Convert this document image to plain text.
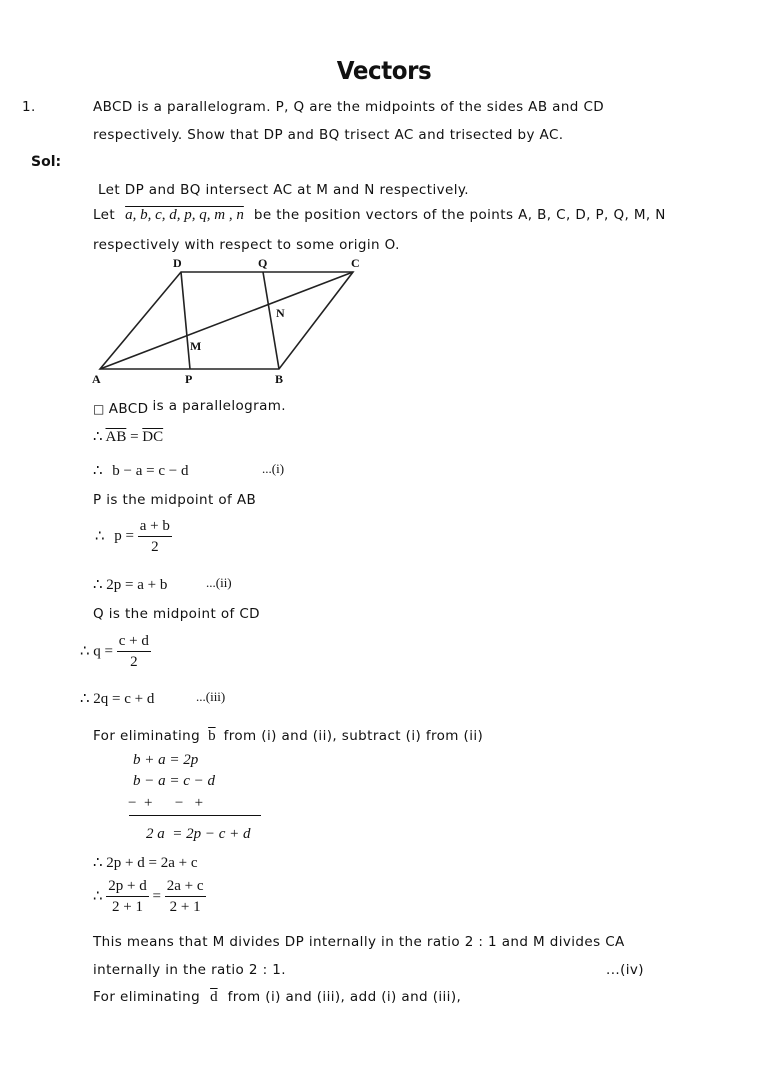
Vectors
1.	ABCD is a parallelogram. P, Q are the midpoints of the sides AB and CD
respectively. Show that DP and BQ trisect AC and trisected by AC.
Sol:
Let DP and BQ intersect AC at M and N respectively.
Let a, b, c, d, p, q, m , n be the position vectors of the points A, B, C, D, P, Q, M, N
respectively with respect to some origin O.
A	P	B
D	Q	C
M
N
□ ABCD is a parallelogram.
∴ $\overline{AB} = \overline{DC}$
∴ b − a = c − d	...(i)
P is the midpoint of AB
∴ $p = \frac{a + b}{2}$
∴ 2p = a + b	...(ii)
Q is the midpoint of CD
∴ $q = \frac{c + d}{2}$
∴ 2q = c + d	...(iii)
For eliminating $\overline{b}$ from (i) and (ii), subtract (i) from (ii)
b + a = 2p
b − a = c − d
−  +      −   +
2 a  = 2p − c + d
∴ 2p + d = 2a + c
∴ $\frac{2p + d}{2 + 1} = \frac{2a + c}{2 + 1}$
This means that M divides DP internally in the ratio 2 : 1 and M divides CA
internally in the ratio 2 : 1.	...(iv)
For eliminating $\overline{d}$ from (i) and (iii), add (i) and (iii),
